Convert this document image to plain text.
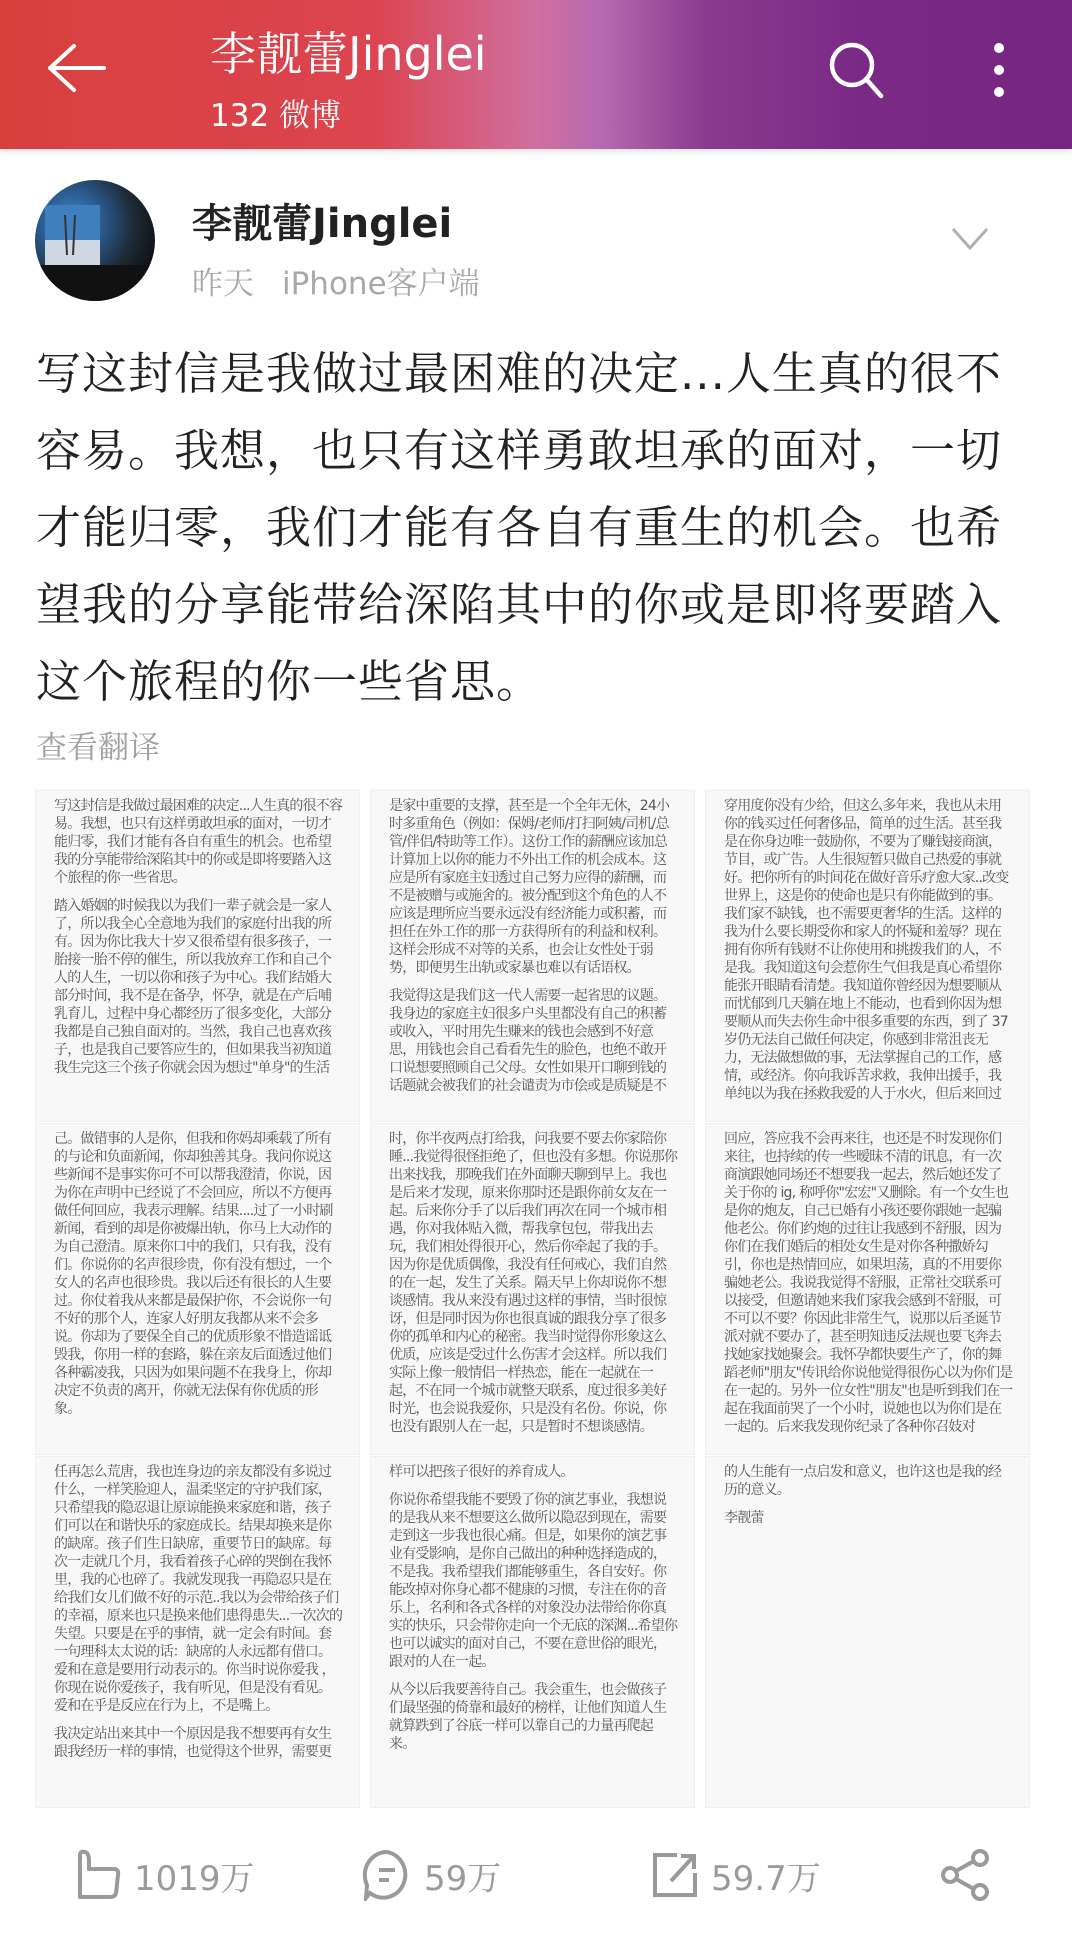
李靓蕾Jinglei
132 微博
李靓蕾Jinglei
昨天 iPhone客户端
写这封信是我做过最困难的决定...人生真的很不容易。我想，也只有这样勇敢坦承的面对，一切才能归零，我们才能有各自有重生的机会。也希望我的分享能带给深陷其中的你或是即将要踏入这个旅程的你一些省思。
查看翻译

写这封信是我做过最困难的决定...人生真的很不容易。我想，也只有这样勇敢坦承的面对，一切才能归零，我们才能有各自有重生的机会。也希望我的分享能带给深陷其中的你或是即将要踏入这个旅程的你一些省思。

踏入婚姻的时候我以为我们一辈子就会是一家人了，所以我全心全意地为我们的家庭付出我的所有。因为你比我大十岁又很希望有很多孩子，一胎接一胎不停的催生，所以我放弃工作和自己个人的人生，一切以你和孩子为中心。我们结婚大部分时间，我不是在备孕，怀孕，就是在产后哺乳育儿，过程中身心都经历了很多变化，大部分我都是自己独自面对的。当然，我自己也喜欢孩子，也是我自己要答应生的，但如果我当初知道我生完这三个孩子你就会因为想过"单身"的生活

是家中重要的支撑，甚至是一个全年无休，24小时多重角色（例如：保姆/老师/打扫阿姨/司机/总管/伴侣/特助等工作）。这份工作的薪酬应该加总计算加上以你的能力不外出工作的机会成本。这应是所有家庭主妇透过自己努力应得的薪酬，而不是被赠与或施舍的。被分配到这个角色的人不应该是理所应当要永远没有经济能力或积蓄，而担任在外工作的那一方获得所有的利益和权利。这样会形成不对等的关系，也会让女性处于弱势，即便男生出轨或家暴也难以有话语权。

我觉得这是我们这一代人需要一起省思的议题。我身边的家庭主妇很多户头里都没有自己的积蓄或收入，平时用先生赚来的钱也会感到不好意思，用钱也会自己看看先生的脸色，也绝不敢开口说想要照顾自己父母。女性如果开口聊到钱的话题就会被我们的社会谴责为市侩或是质疑是不

穿用度你没有少给，但这么多年来，我也从未用你的钱买过任何奢侈品，简单的过生活。甚至我是在你身边唯一鼓励你，不要为了赚钱接商演，节目，或广告。人生很短暂只做自己热爱的事就好。把你所有的时间花在做好音乐疗愈大家..改变世界上，这是你的使命也是只有你能做到的事。我们家不缺钱，也不需要更奢华的生活。这样的我为什么要长期受你和家人的怀疑和羞辱？现在拥有你所有钱财不让你使用和挑拨我们的人，不是我。我知道这句会惹你生气但我是真心希望你能张开眼睛看清楚。我知道你曾经因为想要顺从而忧郁到几天躺在地上不能动，也看到你因为想要顺从而失去你生命中很多重要的东西，到了 37 岁仍无法自己做任何决定，你感到非常沮丧无力，无法做想做的事，无法掌握自己的工作，感情，或经济。你向我诉苦求救，我伸出援手，我单纯以为我在拯救我爱的人于水火，但后来回过

己。做错事的人是你，但我和你妈却乘载了所有的与论和负面新闻，你却独善其身。我问你说这些新闻不是事实你可不可以帮我澄清，你说，因为你在声明中已经说了不会回应，所以不方便再做任何回应，我表示理解。结果....过了一小时刷新闻，看到的却是你被爆出轨，你马上大动作的为自己澄清。原来你口中的我们，只有我，没有们。你说你的名声很珍贵，你有没有想过，一个女人的名声也很珍贵。我以后还有很长的人生要过。你仗着我从来都是最保护你，不会说你一句不好的那个人，连家人好朋友我都从来不会多说。你却为了要保全自己的优质形象不惜造谣诋毁我，你用一样的套路，躲在亲友后面透过他们各种霸凌我，只因为如果问题不在我身上，你却决定不负责的离开，你就无法保有你优质的形象。

时，你半夜两点打给我，问我要不要去你家陪你睡...我觉得很怪拒绝了，但也没有多想。你说那你出来找我，那晚我们在外面聊天聊到早上。我也是后来才发现，原来你那时还是跟你前女友在一起。后来你分手了以后我们再次在同一个城市相遇，你对我体贴入微，帮我拿包包，带我出去玩，我们相处得很开心，然后你牵起了我的手。因为你是优质偶像，我没有任何戒心，我们自然的在一起，发生了关系。隔天早上你却说你不想谈感情。我从来没有遇过这样的事情，当时很惊讶，但是同时因为你也很真诚的跟我分享了很多你的孤单和内心的秘密。我当时觉得你形象这么优质，应该是受过什么伤害才会这样。所以我们实际上像一般情侣一样热恋，能在一起就在一起，不在同一个城市就整天联系，度过很多美好时光，也会说我爱你，只是没有名份。你说，你也没有跟别人在一起，只是暂时不想谈感情。

回应，答应我不会再来往，也还是不时发现你们来往，也持续的传一些暧昧不清的讯息，有一次商演跟她同场还不想要我一起去，然后她还发了关于你的 ig, 称呼你"宏宏"又删除。有一个女生也是你的炮友，自己已婚有小孩还要你跟她一起骗他老公。你们约炮的过往让我感到不舒服，因为你们在我们婚后的相处女生是对你各种撒娇勾引，你也是热情回应，如果坦荡，真的不用要你骗她老公。我说我觉得不舒服，正常社交联系可以接受，但邀请她来我们家我会感到不舒服，可不可以不要？你因此非常生气，说那以后圣诞节派对就不要办了，甚至明知违反法规也要飞奔去找她家找她聚会。我怀孕都快要生产了，你的舞蹈老师"朋友"传讯给你说他觉得很伤心以为你们是在一起的。另外一位女性"朋友"也是听到我们在一起在我面前哭了一个小时，说她也以为你们是在一起的。后来我发现你纪录了各种你召妓对

任再怎么荒唐，我也连身边的亲友都没有多说过什么，一样笑脸迎人，温柔坚定的守护我们家，只希望我的隐忍退让原谅能换来家庭和谐，孩子们可以在和谐快乐的家庭成长。结果却换来是你的缺席。孩子们生日缺席，重要节日的缺席。每次一走就几个月，我看着孩子心碎的哭倒在我怀里，我的心也碎了。我就发现我一再隐忍只是在给我们女儿们做不好的示范..我以为会带给孩子们的幸福，原来也只是换来他们患得患失...一次次的失望。只要是在乎的事情，就一定会有时间。套一句理科太太说的话：缺席的人永远都有借口。爱和在意是要用行动表示的。你当时说你爱我 ，你现在说你爱孩子，我有听见，但是没有看见。爱和在乎是反应在行为上，不是嘴上。

我决定站出来其中一个原因是我不想要再有女生跟我经历一样的事情，也觉得这个世界，需要更

样可以把孩子很好的养育成人。

你说你希望我能不要毁了你的演艺事业，我想说的是我从来不想要这么做所以隐忍到现在，需要走到这一步我也很心痛。但是，如果你的演艺事业有受影响，是你自己做出的种种选择造成的，不是我。我希望我们都能够重生，各自安好。你能改掉对你身心都不健康的习惯，专注在你的音乐上，名利和各式各样的对象没办法带给你你真实的快乐，只会带你走向一个无底的深渊...希望你也可以诚实的面对自己，不要在意世俗的眼光，跟对的人在一起。

从今以后我要善待自己。我会重生，也会做孩子们最坚强的倚靠和最好的榜样，让他们知道人生就算跌到了谷底一样可以靠自己的力量再爬起来。

的人生能有一点启发和意义，也许这也是我的经历的意义。

李靓蕾

1019万	59万	59.7万
